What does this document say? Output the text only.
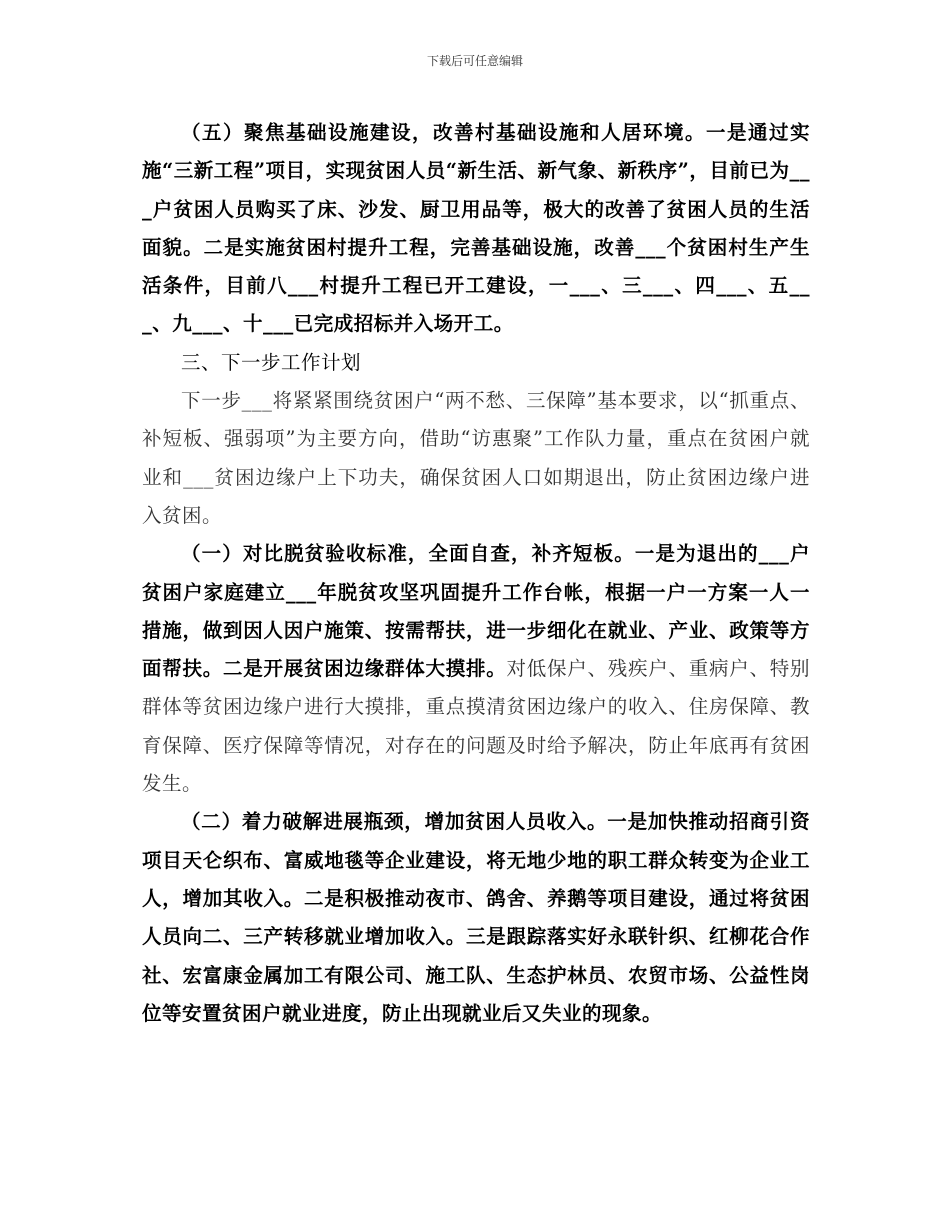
下载后可任意编辑

（五）聚焦基础设施建设，改善村基础设施和人居环境。一是通过实施“三新工程”项目，实现贫困人员“新生活、新气象、新秩序”，目前已为___户贫困人员购买了床、沙发、厨卫用品等，极大的改善了贫困人员的生活面貌。二是实施贫困村提升工程，完善基础设施，改善___个贫困村生产生活条件，目前八___村提升工程已开工建设，一___、三___、四___、五___、九___、十___已完成招标并入场开工。

三、下一步工作计划

下一步___将紧紧围绕贫困户“两不愁、三保障”基本要求，以“抓重点、补短板、强弱项”为主要方向，借助“访惠聚”工作队力量，重点在贫困户就业和___贫困边缘户上下功夫，确保贫困人口如期退出，防止贫困边缘户进入贫困。

（一）对比脱贫验收标准，全面自查，补齐短板。一是为退出的___户贫困户家庭建立___年脱贫攻坚巩固提升工作台帐，根据一户一方案一人一措施，做到因人因户施策、按需帮扶，进一步细化在就业、产业、政策等方面帮扶。二是开展贫困边缘群体大摸排。对低保户、残疾户、重病户、特别群体等贫困边缘户进行大摸排，重点摸清贫困边缘户的收入、住房保障、教育保障、医疗保障等情况，对存在的问题及时给予解决，防止年底再有贫困发生。

（二）着力破解进展瓶颈，增加贫困人员收入。一是加快推动招商引资项目天仑织布、富威地毯等企业建设，将无地少地的职工群众转变为企业工人，增加其收入。二是积极推动夜市、鸽舍、养鹅等项目建设，通过将贫困人员向二、三产转移就业增加收入。三是跟踪落实好永联针织、红柳花合作社、宏富康金属加工有限公司、施工队、生态护林员、农贸市场、公益性岗位等安置贫困户就业进度，防止出现就业后又失业的现象。
